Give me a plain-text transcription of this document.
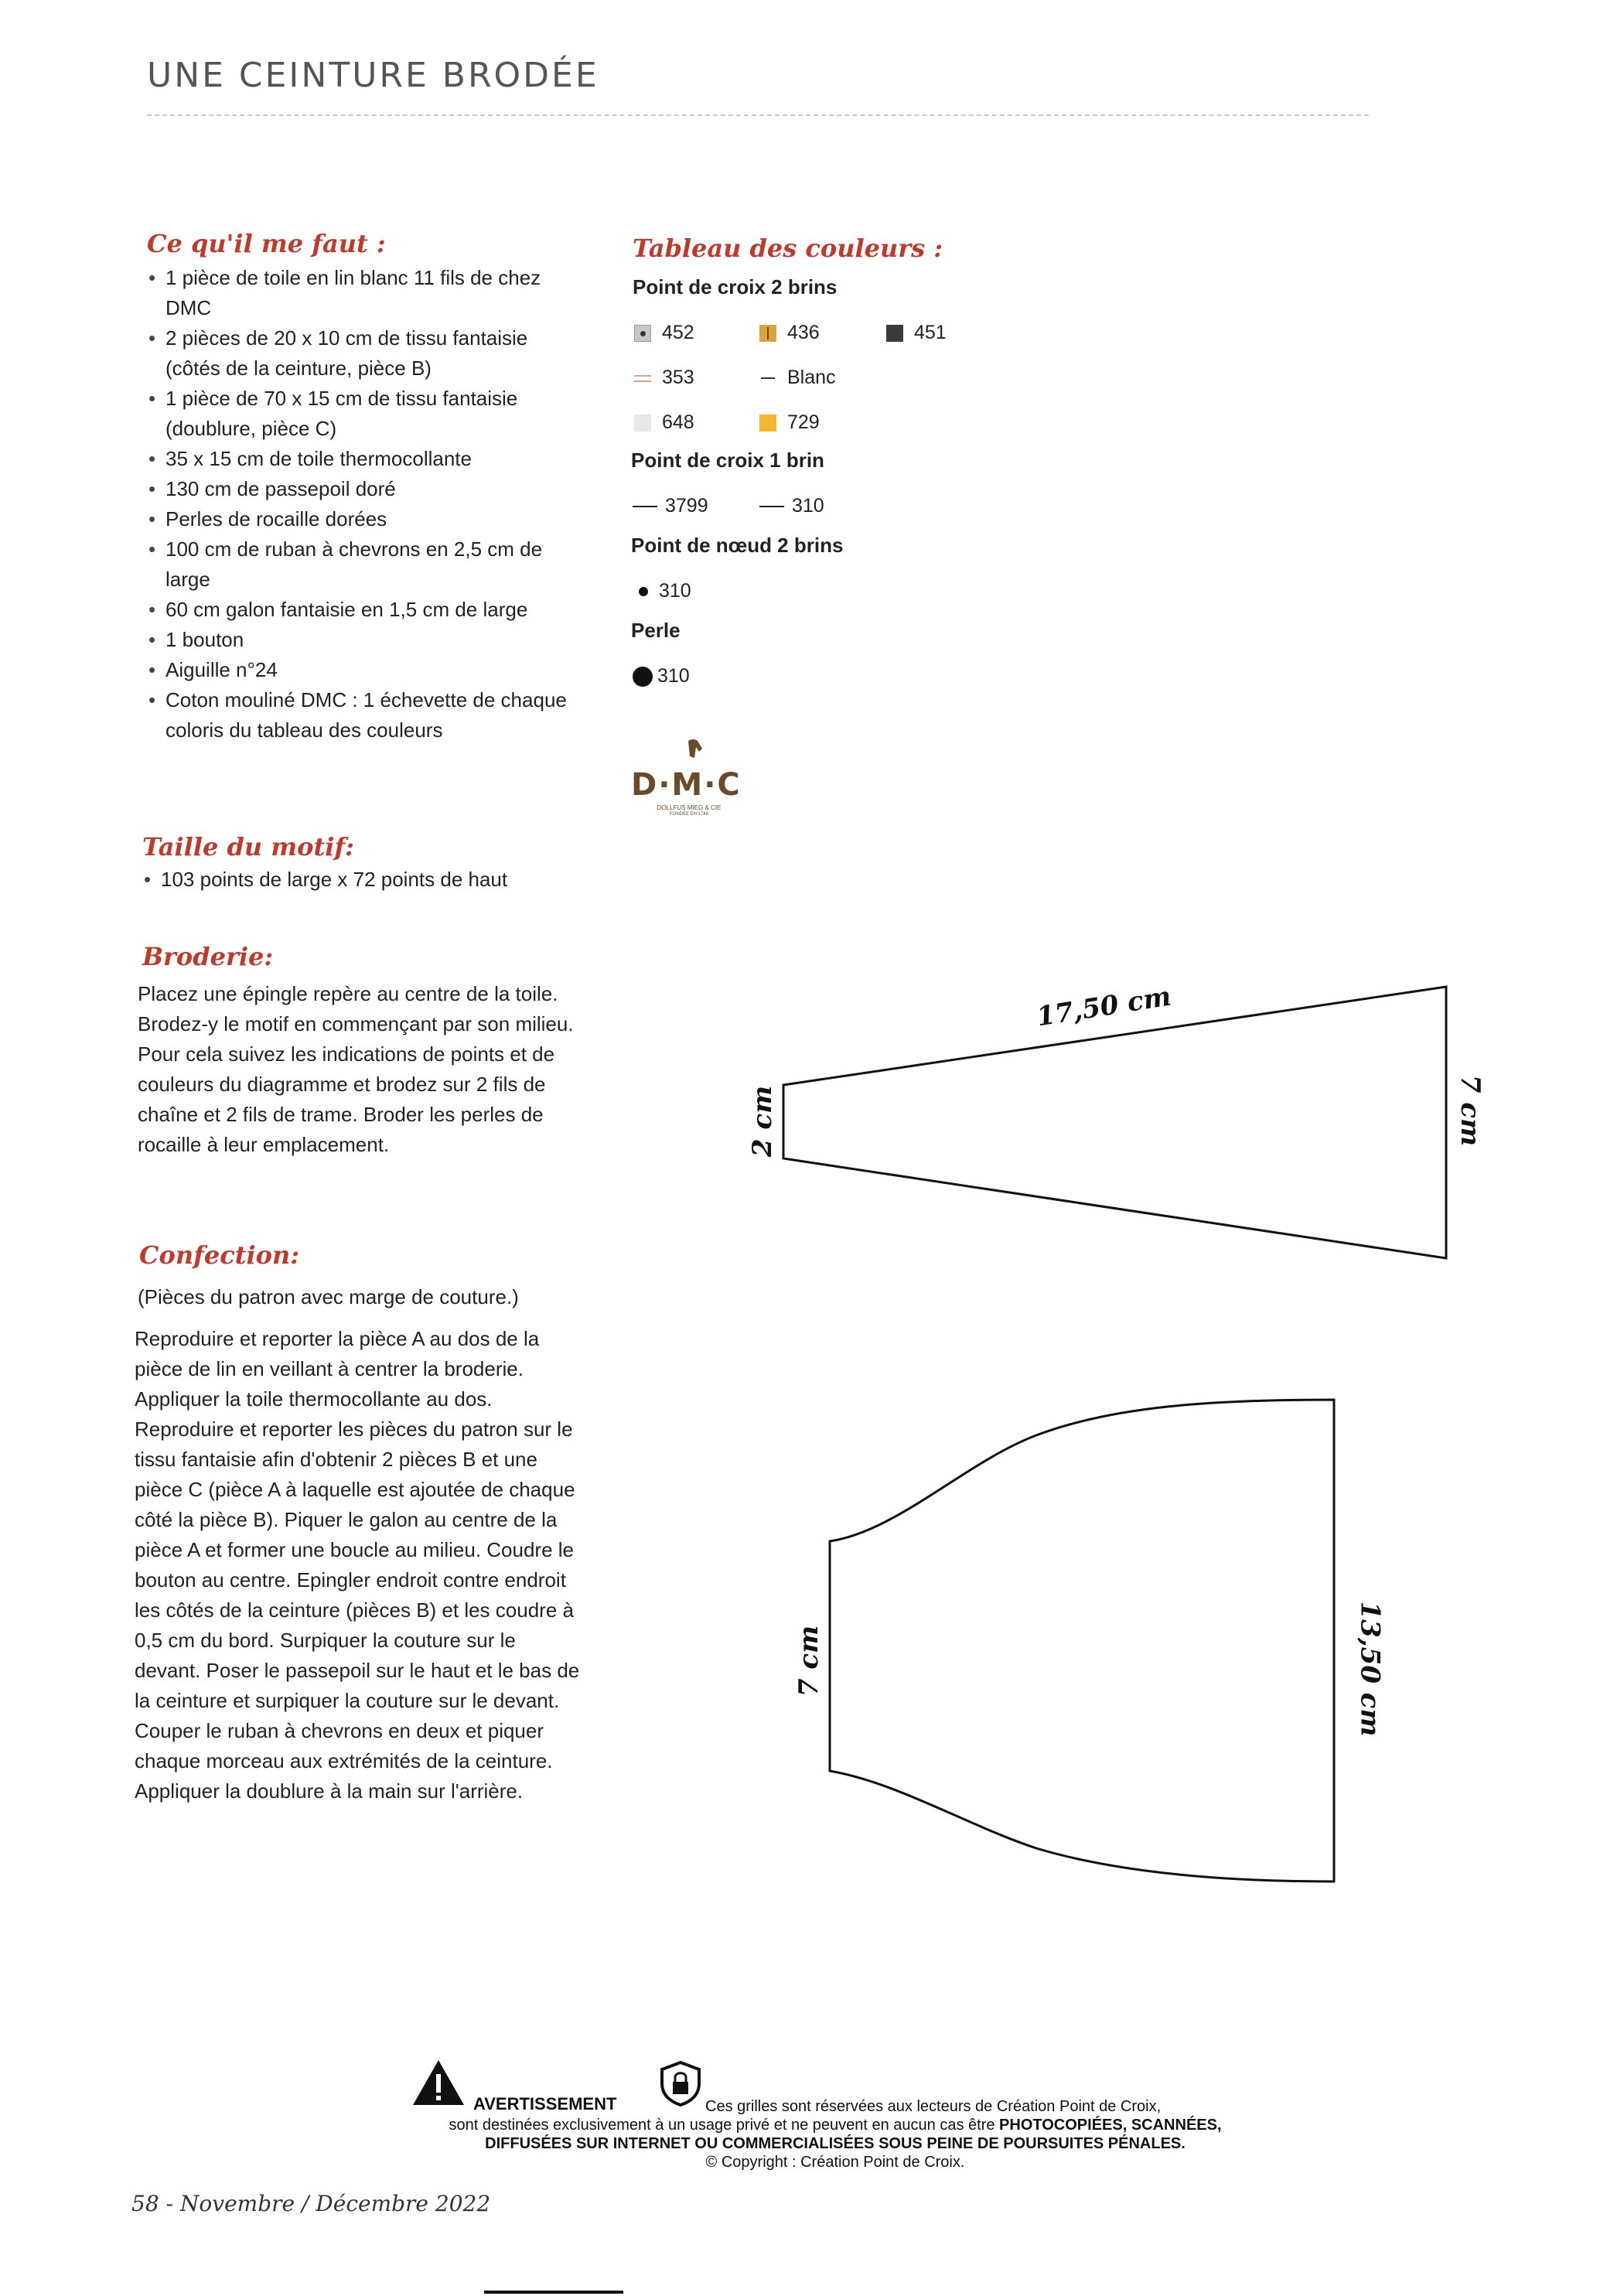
UNE CEINTURE BRODÉE
Ce qu'il me faut :
• 1 pièce de toile en lin blanc 11 fils de chez DMC
• 2 pièces de 20 x 10 cm de tissu fantaisie (côtés de la ceinture, pièce B)
• 1 pièce de 70 x 15 cm de tissu fantaisie (doublure, pièce C)
• 35 x 15 cm de toile thermocollante
• 130 cm de passepoil doré
• Perles de rocaille dorées
• 100 cm de ruban à chevrons en 2,5 cm de large
• 60 cm galon fantaisie en 1,5 cm de large
• 1 bouton
• Aiguille n°24
• Coton mouliné DMC : 1 échevette de chaque coloris du tableau des couleurs
Tableau des couleurs :
Point de croix 2 brins
452	436	451
353	Blanc
648	729
Point de croix 1 brin
3799	310
Point de nœud 2 brins
310
Perle
310
D·M·C
DOLLFUS MIEG & CIE
FONDÉE EN 1746
Taille du motif:
• 103 points de large x 72 points de haut
Broderie:

Placez une épingle repère au centre de la toile. Brodez-y le motif en commençant par son milieu. Pour cela suivez les indications de points et de couleurs du diagramme et brodez sur 2 fils de chaîne et 2 fils de trame. Broder les perles de rocaille à leur emplacement.

Confection:

(Pièces du patron avec marge de couture.)

Reproduire et reporter la pièce A au dos de la pièce de lin en veillant à centrer la broderie. Appliquer la toile thermocollante au dos. Reproduire et reporter les pièces du patron sur le tissu fantaisie afin d'obtenir 2 pièces B et une pièce C (pièce A à laquelle est ajoutée de chaque côté la pièce B). Piquer le galon au centre de la pièce A et former une boucle au milieu. Coudre le bouton au centre. Epingler endroit contre endroit les côtés de la ceinture (pièces B) et les coudre à 0,5 cm du bord. Surpiquer la couture sur le devant. Poser le passepoil sur le haut et le bas de la ceinture et surpiquer la couture sur le devant. Couper le ruban à chevrons en deux et piquer chaque morceau aux extrémités de la ceinture. Appliquer la doublure à la main sur l'arrière.

17,50 cm
2 cm	7 cm
7 cm	13,50 cm
AVERTISSEMENT	Ces grilles sont réservées aux lecteurs de Création Point de Croix,
sont destinées exclusivement à un usage privé et ne peuvent en aucun cas être PHOTOCOPIÉES, SCANNÉES,
DIFFUSÉES SUR INTERNET OU COMMERCIALISÉES SOUS PEINE DE POURSUITES PÉNALES.
© Copyright : Création Point de Croix.
58 - Novembre / Décembre 2022
